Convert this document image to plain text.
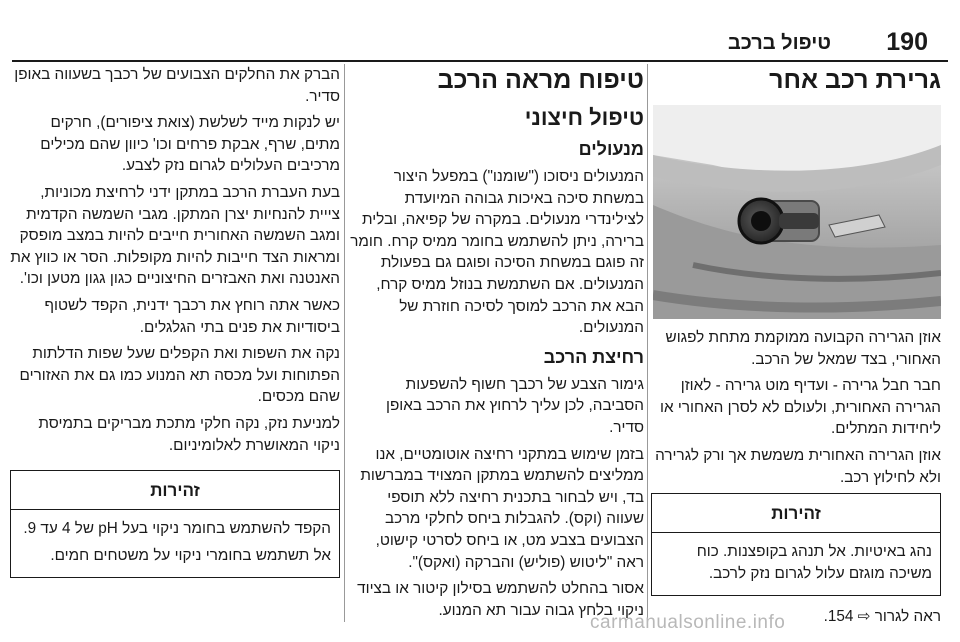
טיפול ברכב 190
גרירת רכב אחר

אוזן הגרירה הקבועה ממוקמת מתחת לפגוש האחורי, בצד שמאל של הרכב.

חבר חבל גרירה - ועדיף מוט גרירה - לאוזן הגרירה האחורית, ולעולם לא לסרן האחורי או ליחידות המתלים.

אוזן הגרירה האחורית משמשת אך ורק לגרירה ולא לחילוץ רכב.

זהירות

נהג באיטיות. אל תנהג בקופצנות. כוח משיכה מוגזם עלול לגרום נזק לרכב.

ראה לגרור ⇨ 154.

טיפוח מראה הרכב
טיפול חיצוני
מנעולים

המנעולים ניסוכו ("שומנו") במפעל היצור במשחת סיכה באיכות גבוהה המיועדת לצילינדרי מנעולים. במקרה של קפיאה, ובלית ברירה, ניתן להשתמש בחומר ממיס קרח. חומר זה פוגם במשחת הסיכה ופוגם גם בפעולת המנעולים. אם השתמשת בנוזל ממיס קרח, הבא את הרכב למוסך לסיכה חוזרת של המנעולים.

רחיצת הרכב

גימור הצבע של רכבך חשוף להשפעות הסביבה, לכן עליך לרחוץ את הרכב באופן סדיר.

בזמן שימוש במתקני רחיצה אוטומטיים, אנו ממליצים להשתמש במתקן המצויד במברשות בד, ויש לבחור בתכנית רחיצה ללא תוספי שעווה (וקס). להגבלות ביחס לחלקי מרכב הצבועים בצבע מט, או ביחס לסרטי קישוט, ראה "ליטוש (פוליש) והברקה (ואקס)".

אסור בהחלט להשתמש בסילון קיטור או בציוד ניקוי בלחץ גבוה עבור תא המנוע.

הברק את החלקים הצבועים של רכבך בשעווה באופן סדיר.

יש לנקות מייד לשלשת (צואת ציפורים), חרקים מתים, שרף, אבקת פרחים וכו' כיוון שהם מכילים מרכיבים העלולים לגרום נזק לצבע.

בעת העברת הרכב במתקן ידני לרחיצת מכוניות, צייית להנחיות יצרן המתקן. מגבי השמשה הקדמית ומגב השמשה האחורית חייבים להיות במצב מופסק ומראות הצד חייבות להיות מקופלות. הסר או כווץ את האנטנה ואת האבזרים החיצוניים כגון גגון מטען וכו'.

כאשר אתה רוחץ את רכבך ידנית, הקפד לשטוף ביסודיות את פנים בתי הגלגלים.

נקה את השפות ואת הקפלים שעל שפות הדלתות הפתוחות ועל מכסה תא המנוע כמו גם את האזורים שהם מכסים.

למניעת נזק, נקה חלקי מתכת מבריקים בתמיסת ניקוי המאושרת לאלומיניום.

זהירות

הקפד להשתמש בחומר ניקוי בעל pH של 4 עד 9.

אל תשתמש בחומרי ניקוי על משטחים חמים.

carmanualsonline.info
